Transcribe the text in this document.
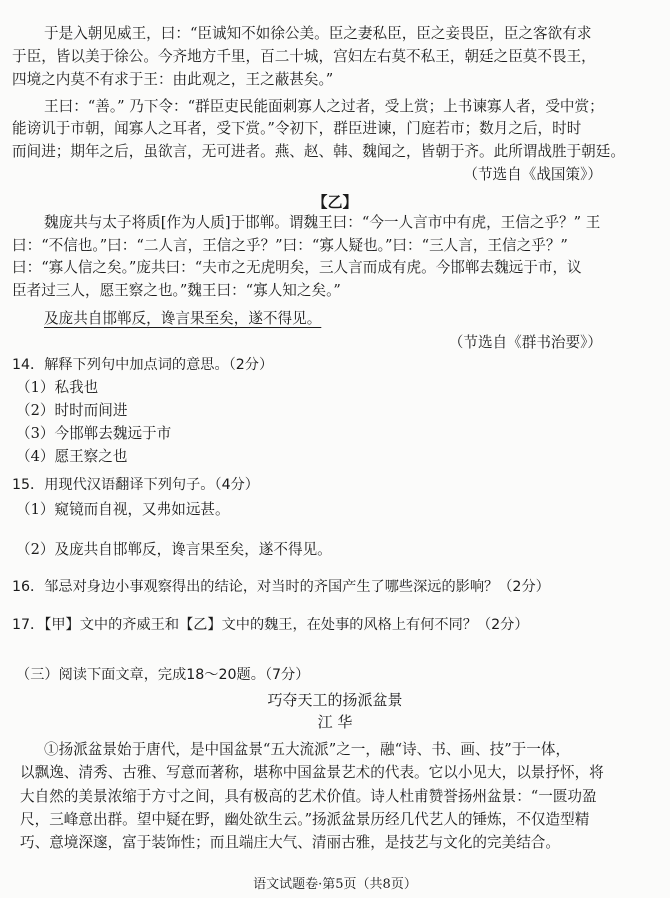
于是入朝见威王，曰：“臣诚知不如徐公美。臣之妻私臣，臣之妾畏臣，臣之客欲有求
于臣，皆以美于徐公。今齐地方千里，百二十城，宫妇左右莫不私王，朝廷之臣莫不畏王，
四境之内莫不有求于王：由此观之，王之蔽甚矣。”
王曰：“善。” 乃下令：“群臣吏民能面刺寡人之过者，受上赏；上书谏寡人者，受中赏；
能谤讥于市朝，闻寡人之耳者，受下赏。”令初下，群臣进谏，门庭若市；数月之后，时时
而间进；期年之后，虽欲言，无可进者。燕、赵、韩、魏闻之，皆朝于齐。此所谓战胜于朝廷。
（节选自《战国策》）
【乙】
魏庞共与太子将质[作为人质]于邯郸。谓魏王曰：“今一人言市中有虎，王信之乎？” 王
曰：“不信也。”曰：“二人言，王信之乎？”曰：“寡人疑也。”曰：“三人言，王信之乎？”
曰：“寡人信之矣。”庞共曰：“夫市之无虎明矣，三人言而成有虎。今邯郸去魏远于市，议
臣者过三人，愿王察之也。”魏王曰：“寡人知之矣。”
及庞共自邯郸反，谗言果至矣，遂不得见。
（节选自《群书治要》）
14．解释下列句中加点词的意思。（2分）
（1）私我也
（2）时时而间进
（3）今邯郸去魏远于市
（4）愿王察之也
15．用现代汉语翻译下列句子。（4分）
（1）窥镜而自视，又弗如远甚。
（2）及庞共自邯郸反，谗言果至矣，遂不得见。
16．邹忌对身边小事观察得出的结论，对当时的齐国产生了哪些深远的影响？（2分）
17．【甲】文中的齐威王和【乙】文中的魏王，在处事的风格上有何不同？（2分）
（三）阅读下面文章，完成18～20题。（7分）
巧夺天工的扬派盆景
江 华
①扬派盆景始于唐代，是中国盆景“五大流派”之一，融“诗、书、画、技”于一体，
以飘逸、清秀、古雅、写意而著称，堪称中国盆景艺术的代表。它以小见大，以景抒怀，将
大自然的美景浓缩于方寸之间，具有极高的艺术价值。诗人杜甫赞誉扬州盆景：“一匮功盈
尺，三峰意出群。望中疑在野，幽处欲生云。”扬派盆景历经几代艺人的锤炼，不仅造型精
巧、意境深邃，富于装饰性；而且端庄大气、清丽古雅，是技艺与文化的完美结合。
语文试题卷·第5页（共8页）
